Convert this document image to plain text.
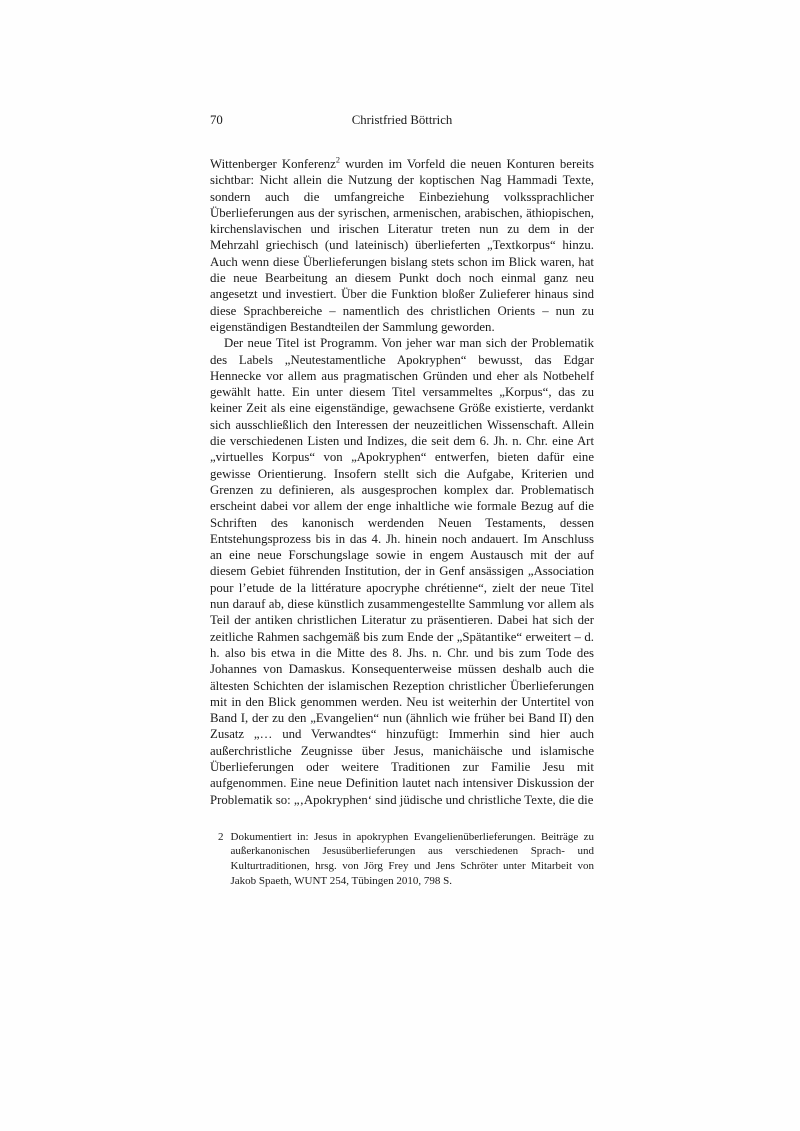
70	Christfried Böttrich

Wittenberger Konferenz$^2$ wurden im Vorfeld die neuen Konturen bereits sichtbar: Nicht allein die Nutzung der koptischen Nag Hammadi Texte, sondern auch die umfangreiche Einbeziehung volkssprachlicher Überlieferungen aus der syrischen, armenischen, arabischen, äthiopischen, kirchenslavischen und irischen Literatur treten nun zu dem in der Mehrzahl griechisch (und lateinisch) überlieferten „Textkorpus“ hinzu. Auch wenn diese Überlieferungen bislang stets schon im Blick waren, hat die neue Bearbeitung an diesem Punkt doch noch einmal ganz neu angesetzt und investiert. Über die Funktion bloßer Zulieferer hinaus sind diese Sprachbereiche – namentlich des christlichen Orients – nun zu eigenständigen Bestandteilen der Sammlung geworden.

Der neue Titel ist Programm. Von jeher war man sich der Problematik des Labels „Neutestamentliche Apokryphen“ bewusst, das Edgar Hennecke vor allem aus pragmatischen Gründen und eher als Notbehelf gewählt hatte. Ein unter diesem Titel versammeltes „Korpus“, das zu keiner Zeit als eine eigenständige, gewachsene Größe existierte, verdankt sich ausschließlich den Interessen der neuzeitlichen Wissenschaft. Allein die verschiedenen Listen und Indizes, die seit dem 6. Jh. n. Chr. eine Art „virtuelles Korpus“ von „Apokryphen“ entwerfen, bieten dafür eine gewisse Orientierung. Insofern stellt sich die Aufgabe, Kriterien und Grenzen zu definieren, als ausgesprochen komplex dar. Problematisch erscheint dabei vor allem der enge inhaltliche wie formale Bezug auf die Schriften des kanonisch werdenden Neuen Testaments, dessen Entstehungsprozess bis in das 4. Jh. hinein noch andauert. Im Anschluss an eine neue Forschungslage sowie in engem Austausch mit der auf diesem Gebiet führenden Institution, der in Genf ansässigen „Association pour l’etude de la littérature apocryphe chrétienne“, zielt der neue Titel nun darauf ab, diese künstlich zusammengestellte Sammlung vor allem als Teil der antiken christlichen Literatur zu präsentieren. Dabei hat sich der zeitliche Rahmen sachgemäß bis zum Ende der „Spätantike“ erweitert – d. h. also bis etwa in die Mitte des 8. Jhs. n. Chr. und bis zum Tode des Johannes von Damaskus. Konsequenterweise müssen deshalb auch die ältesten Schichten der islamischen Rezeption christlicher Überlieferungen mit in den Blick genommen werden. Neu ist weiterhin der Untertitel von Band I, der zu den „Evangelien“ nun (ähnlich wie früher bei Band II) den Zusatz „… und Verwandtes“ hinzufügt: Immerhin sind hier auch außerchristliche Zeugnisse über Jesus, manichäische und islamische Überlieferungen oder weitere Traditionen zur Familie Jesu mit aufgenommen. Eine neue Definition lautet nach intensiver Diskussion der Problematik so: „‚Apokryphen‘ sind jüdische und christliche Texte, die die

2 Dokumentiert in: Jesus in apokryphen Evangelienüberlieferungen. Beiträge zu außerkanonischen Jesusüberlieferungen aus verschiedenen Sprach- und Kulturtraditionen, hrsg. von Jörg Frey und Jens Schröter unter Mitarbeit von Jakob Spaeth, WUNT 254, Tübingen 2010, 798 S.
